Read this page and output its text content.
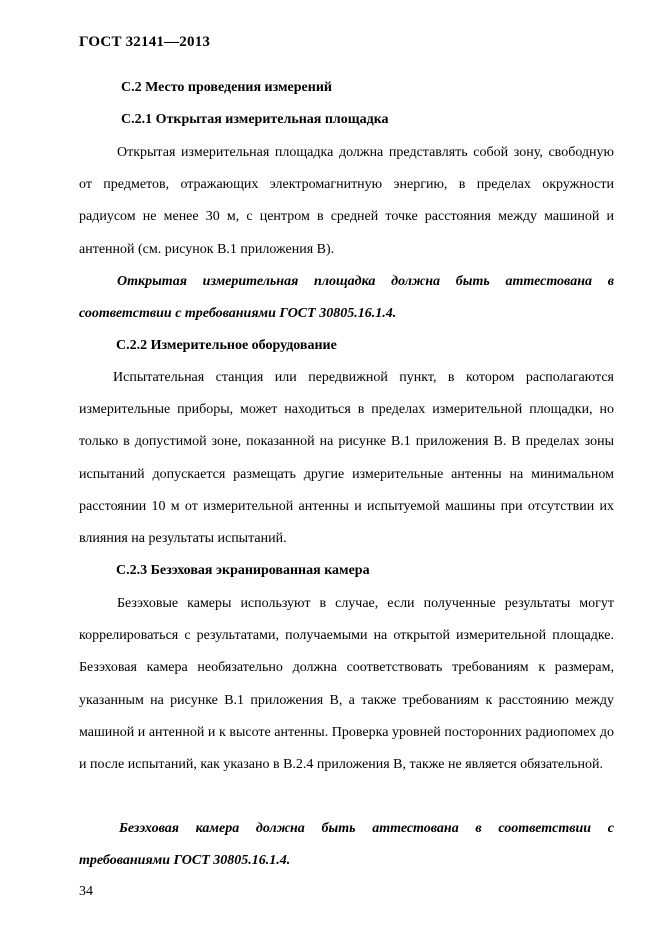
ГОСТ 32141—2013
С.2 Место проведения измерений
С.2.1 Открытая измерительная площадка
Открытая измерительная площадка должна представлять собой зону, свободную от предметов, отражающих электромагнитную энергию, в пределах окружности радиусом не менее 30 м, с центром в средней точке расстояния между машиной и антенной (см. рисунок В.1 приложения В).
Открытая измерительная площадка должна быть аттестована в соответствии с требованиями ГОСТ 30805.16.1.4.
С.2.2 Измерительное оборудование
Испытательная станция или передвижной пункт, в котором располагаются измерительные приборы, может находиться в пределах измерительной площадки, но только в допустимой зоне, показанной на рисунке В.1 приложения В. В пределах зоны испытаний допускается размещать другие измерительные антенны на минимальном расстоянии 10 м от измерительной антенны и испытуемой машины при отсутствии их влияния на результаты испытаний.
С.2.3 Безэховая экранированная камера
Безэховые камеры используют в случае, если полученные результаты могут коррелироваться с результатами, получаемыми на открытой измерительной площадке. Безэховая камера необязательно должна соответствовать требованиям к размерам, указанным на рисунке В.1 приложения В, а также требованиям к расстоянию между машиной и антенной и к высоте антенны. Проверка уровней посторонних радиопомех до и после испытаний, как указано в В.2.4 приложения В, также не является обязательной.
Безэховая камера должна быть аттестована в соответствии с требованиями ГОСТ 30805.16.1.4.
34
